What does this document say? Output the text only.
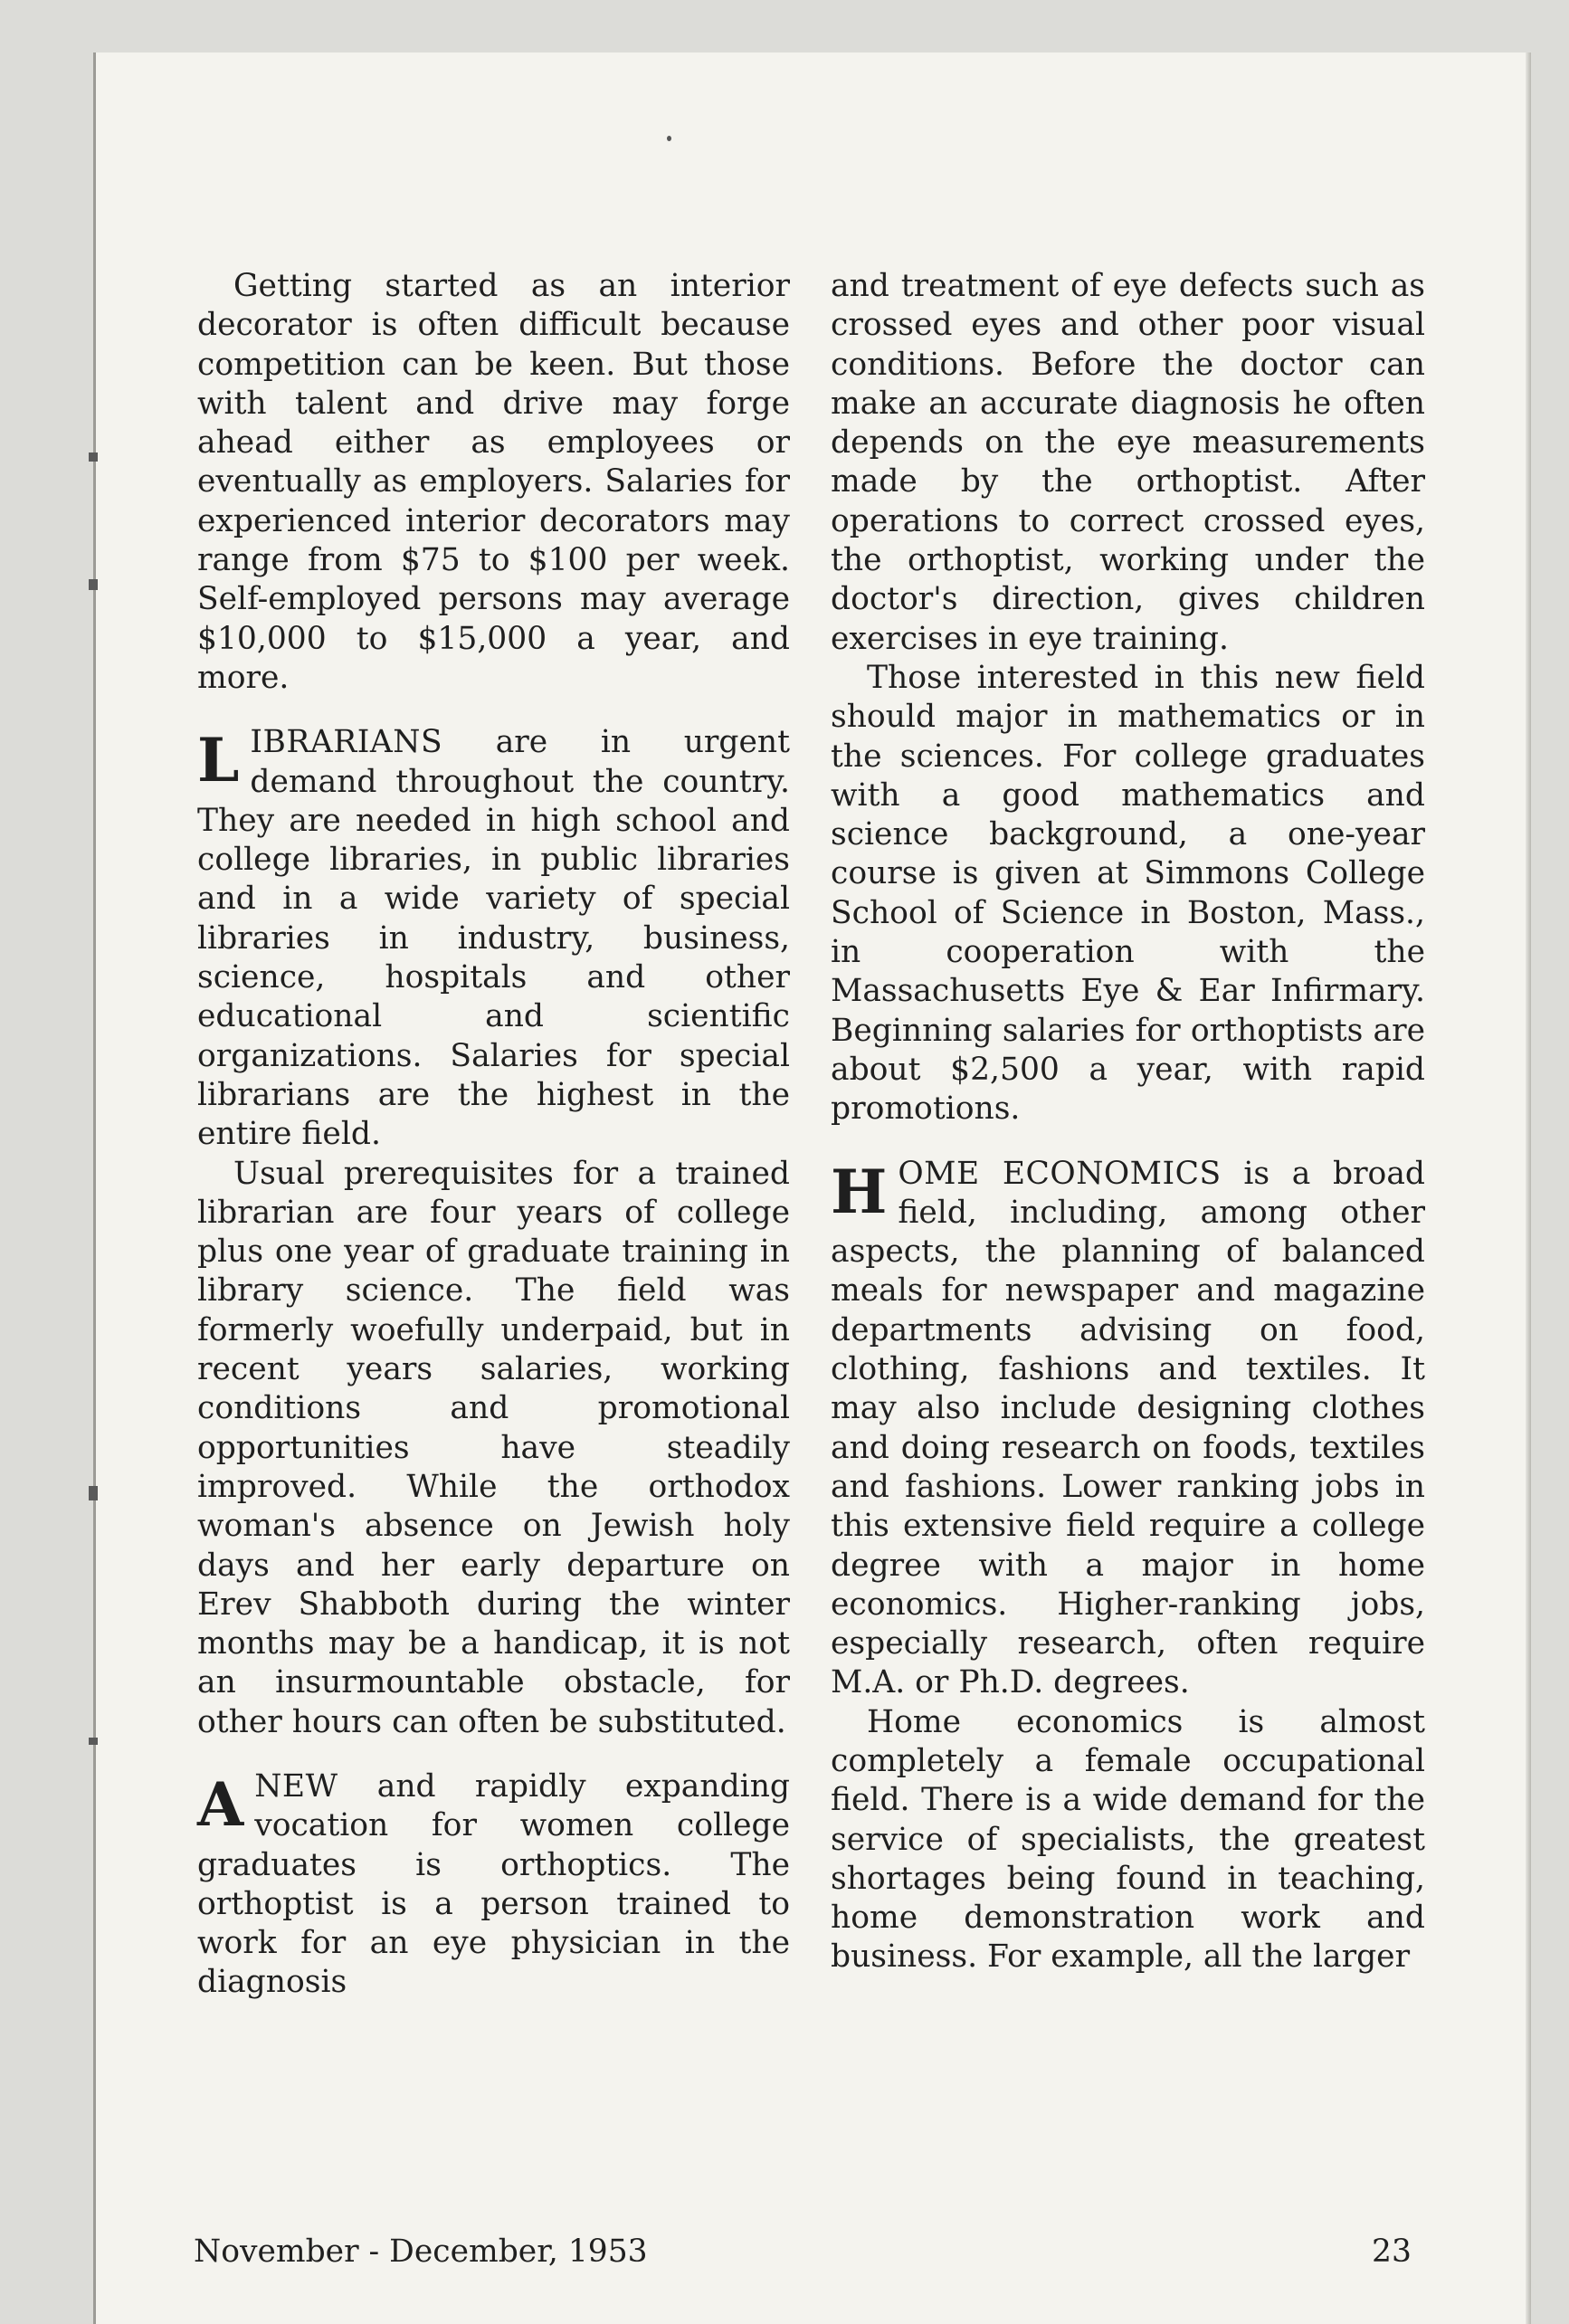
Getting started as an interior decorator is often difficult because competition can be keen. But those with talent and drive may forge ahead either as employees or eventually as employers. Salaries for experienced interior decorators may range from $75 to $100 per week. Self-employed persons may average $10,000 to $15,000 a year, and more.

LIBRARIANS are in urgent demand throughout the country. They are needed in high school and college libraries, in public libraries and in a wide variety of special libraries in industry, business, science, hospitals and other educational and scientific organizations. Salaries for special librarians are the highest in the entire field.

Usual prerequisites for a trained librarian are four years of college plus one year of graduate training in library science. The field was formerly woefully underpaid, but in recent years salaries, working conditions and promotional opportunities have steadily improved. While the orthodox woman's absence on Jewish holy days and her early departure on Erev Shabboth during the winter months may be a handicap, it is not an insurmountable obstacle, for other hours can often be substituted.

ANEW and rapidly expanding vocation for women college graduates is orthoptics. The orthoptist is a person trained to work for an eye physician in the diagnosis

and treatment of eye defects such as crossed eyes and other poor visual conditions. Before the doctor can make an accurate diagnosis he often depends on the eye measurements made by the orthoptist. After operations to correct crossed eyes, the orthoptist, working under the doctor's direction, gives children exercises in eye training.

Those interested in this new field should major in mathematics or in the sciences. For college graduates with a good mathematics and science background, a one-year course is given at Simmons College School of Science in Boston, Mass., in cooperation with the Massachusetts Eye & Ear Infirmary. Beginning salaries for orthoptists are about $2,500 a year, with rapid promotions.

HOME ECONOMICS is a broad field, including, among other aspects, the planning of balanced meals for newspaper and magazine departments advising on food, clothing, fashions and textiles. It may also include designing clothes and doing research on foods, textiles and fashions. Lower ranking jobs in this extensive field require a college degree with a major in home economics. Higher-ranking jobs, especially research, often require M.A. or Ph.D. degrees.

Home economics is almost completely a female occupational field. There is a wide demand for the service of specialists, the greatest shortages being found in teaching, home demonstration work and business. For example, all the larger

November - December, 1953	23
